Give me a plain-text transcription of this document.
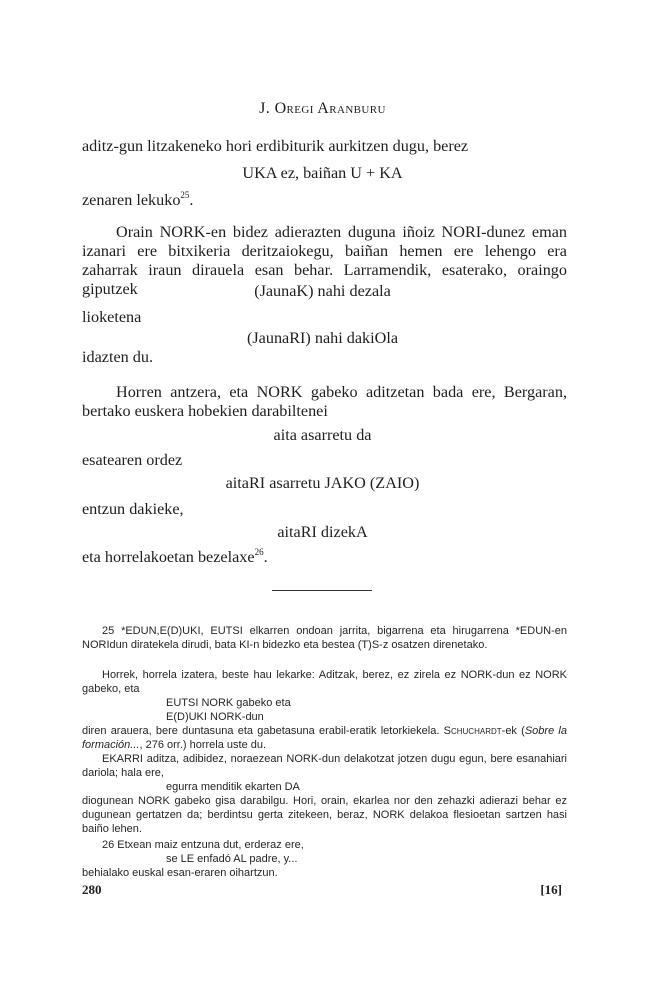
J. Oregi Aranburu

aditz-gun litzakeneko hori erdibiturik aurkitzen dugu, berez

UKA ez, baiñan U + KA

zenaren lekuko$^{25}$.

Orain NORK-en bidez adierazten duguna iñoiz NORI-dunez eman izanari ere bitxikeria deritzaiokegu, baiñan hemen ere lehengo era zaharrak iraun dirauela esan behar. Larramendik, esaterako, oraingo giputzek	(JaunaK) nahi dezala

lioketena

(JaunaRI) nahi dakiOla

idazten du.

Horren antzera, eta NORK gabeko aditzetan bada ere, Bergaran, bertako euskera hobekien darabiltenei

aita asarretu da

esatearen ordez

aitaRI asarretu JAKO (ZAIO)

entzun dakieke,

aitaRI dizekA

eta horrelakoetan bezelaxe$^{26}$.

25 *EDUN,E(D)UKI, EUTSI elkarren ondoan jarrita, bigarrena eta hirugarrena *EDUN-en NORIdun diratekela dirudi, bata KI-n bidezko eta bestea (T)S-z osatzen direnetako.

Horrek, horrela izatera, beste hau lekarke: Aditzak, berez, ez zirela ez NORK-dun ez NORK gabeko, eta

EUTSI NORK gabeko eta

E(D)UKI NORK-dun

diren arauera, bere duntasuna eta gabetasuna erabil-eratik letorkiekela. Schuchardt-ek (Sobre la formación..., 276 orr.) horrela uste du.

EKARRI aditza, adibidez, noraezean NORK-dun delakotzat jotzen dugu egun, bere esanahiari dariola; hala ere,

egurra menditik ekarten DA

diogunean NORK gabeko gisa darabilgu. Hori, orain, ekarlea nor den zehazki adierazi behar ez dugunean gertatzen da; berdintsu gerta zitekeen, beraz, NORK delakoa flesioetan sartzen hasi baiño lehen.

26 Etxean maiz entzuna dut, erderaz ere,

se LE enfadó AL padre, y...

behialako euskal esan-eraren oihartzun.

280	[16]
